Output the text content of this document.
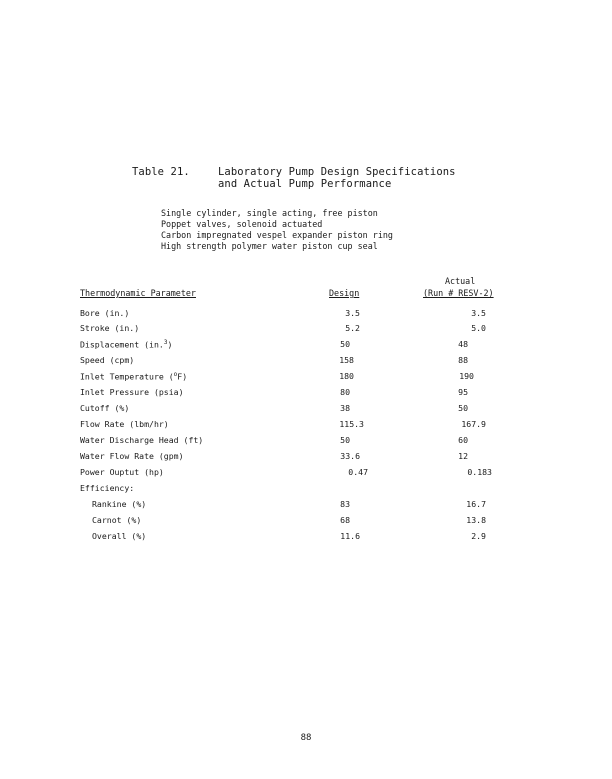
Table 21.	Laboratory Pump Design Specifications
and Actual Pump Performance
Single cylinder, single acting, free piston
Poppet valves, solenoid actuated
Carbon impregnated vespel expander piston ring
High strength polymer water piston cup seal
Actual
Thermodynamic Parameter	Design	(Run # RESV-2)
Bore (in.)	3.5	3.5
Stroke (in.)	5.2	5.0
Displacement (in.$^3$)	50	48
Speed (cpm)	158	88
Inlet Temperature ($^o$F)	180	190
Inlet Pressure (psia)	80	95
Cutoff (%)	38	50
Flow Rate (lbm/hr)	115.3	167.9
Water Discharge Head (ft)	50	60
Water Flow Rate (gpm)	33.6	12
Power Ouptut (hp)	0.47	0.183
Efficiency:
Rankine (%)	83	16.7
Carnot (%)	68	13.8
Overall (%)	11.6	2.9
88
